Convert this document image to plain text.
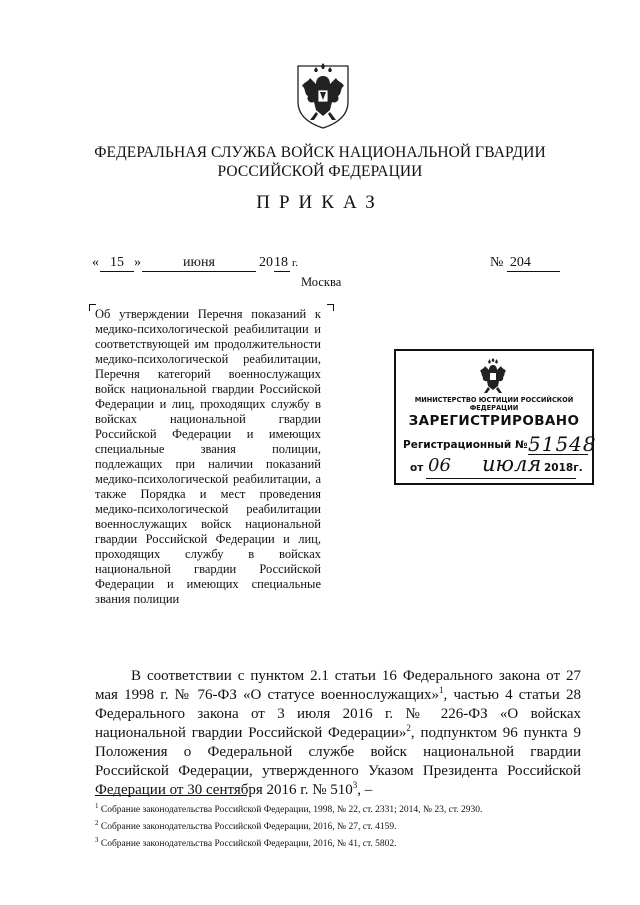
ФЕДЕРАЛЬНАЯ СЛУЖБА ВОЙСК НАЦИОНАЛЬНОЙ ГВАРДИИ
РОССИЙСКОЙ ФЕДЕРАЦИИ
ПРИКАЗ
« 15 »	июня	20 18 г.	№ 204
Москва
Об утверждении Перечня показаний к медико-психологической реабилитации и соответствующей им продолжительности медико-психологической реабилитации, Перечня категорий военнослужащих войск национальной гвардии Российской Федерации и лиц, проходящих службу в войсках национальной гвардии Российской Федерации и имеющих специальные звания полиции, подлежащих при наличии показаний медико-психологической реабилитации, а также Порядка и мест проведения медико-психологической реабилитации военнослужащих войск национальной гвардии Российской Федерации и лиц, проходящих службу в войсках национальной гвардии Российской Федерации и имеющих специальные звания полиции
МИНИСТЕРСТВО ЮСТИЦИИ РОССИЙСКОЙ ФЕДЕРАЦИИ
ЗАРЕГИСТРИРОВАНО
Регистрационный № 51548
от 06 июля 2018г.
В соответствии с пунктом 2.1 статьи 16 Федерального закона от 27 мая 1998 г. № 76-ФЗ «О статусе военнослужащих»$^1$, частью 4 статьи 28 Федерального закона от 3 июля 2016 г. № 226-ФЗ «О войсках национальной гвардии Российской Федерации»$^2$, подпунктом 96 пункта 9 Положения о Федеральной службе войск национальной гвардии Российской Федерации, утвержденного Указом Президента Российской Федерации от 30 сентября 2016 г. № $510^3$, –
$^1$ Собрание законодательства Российской Федерации, 1998, № 22, ст. 2331; 2014, № 23, ст. 2930.
$^2$ Собрание законодательства Российской Федерации, 2016, № 27, ст. 4159.
$^3$ Собрание законодательства Российской Федерации, 2016, № 41, ст. 5802.
